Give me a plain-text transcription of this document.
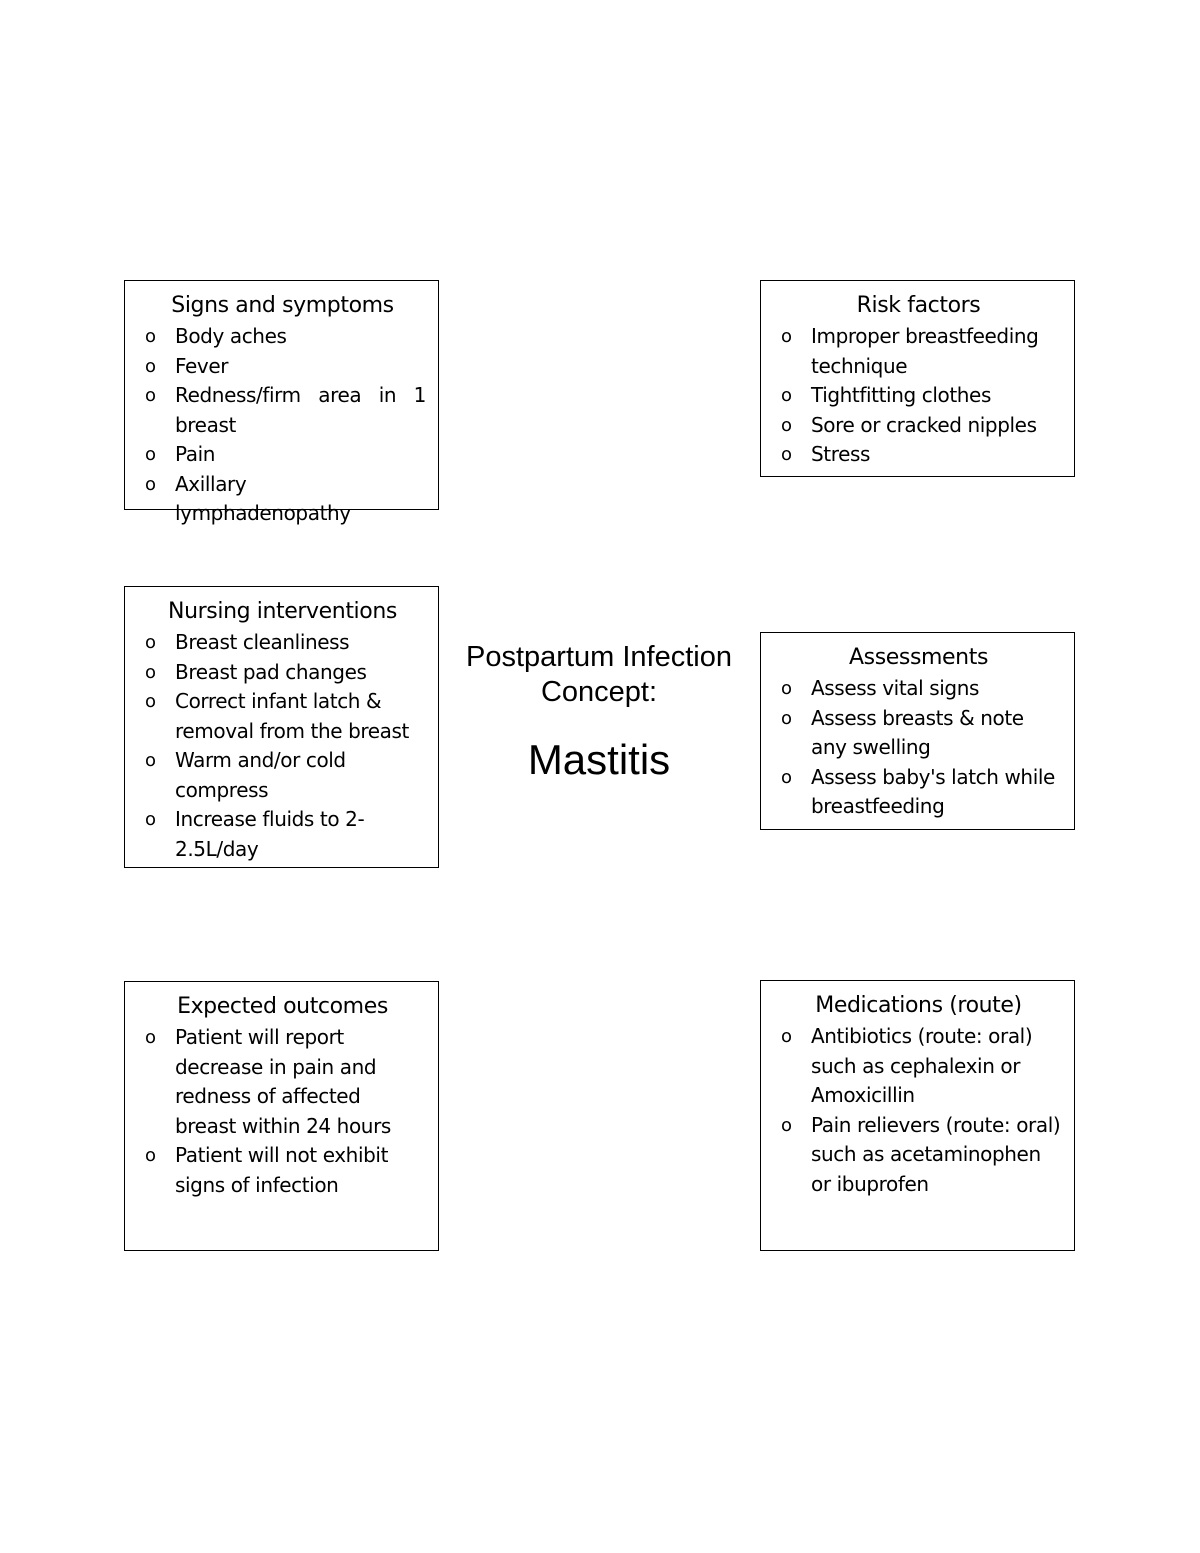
Signs and symptoms
o Body aches
o Fever
o Redness/firm area in 1 breast
o Pain
o Axillary lymphadenopathy
Risk factors
o Improper breastfeeding technique
o Tightfitting clothes
o Sore or cracked nipples
o Stress
Nursing interventions
o Breast cleanliness
o Breast pad changes
o Correct infant latch & removal from the breast
o Warm and/or cold compress
o Increase fluids to 2-2.5L/day
Postpartum Infection
Concept:
Mastitis
Assessments
o Assess vital signs
o Assess breasts & note any swelling
o Assess baby's latch while breastfeeding
Expected outcomes
o Patient will report decrease in pain and redness of affected breast within 24 hours
o Patient will not exhibit signs of infection
Medications (route)
o Antibiotics (route: oral) such as cephalexin or Amoxicillin
o Pain relievers (route: oral) such as acetaminophen or ibuprofen
